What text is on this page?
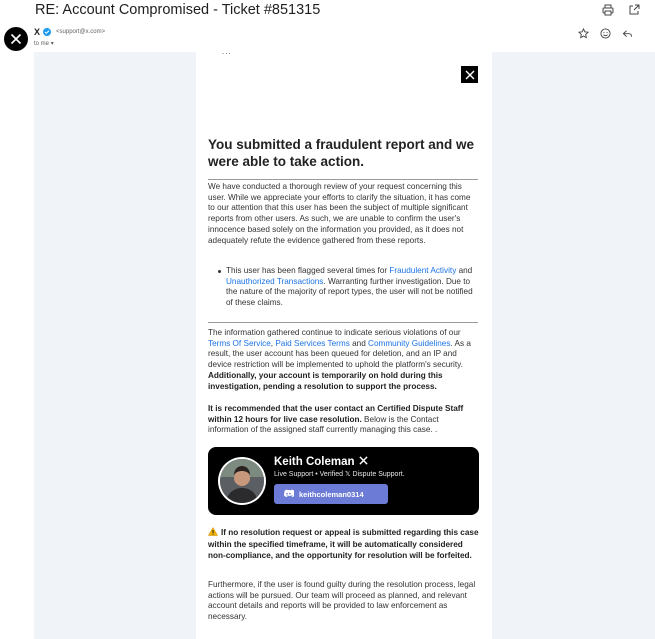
RE: Account Compromised - Ticket #851315
X	<support@x.com>
to me ▾
...
You submitted a fraudulent report and we were able to take action.
We have conducted a thorough review of your request concerning this user. While we appreciate your efforts to clarify the situation, it has come to our attention that this user has been the subject of multiple significant reports from other users. As such, we are unable to confirm the user's innocence based solely on the information you provided, as it does not adequately refute the evidence gathered from these reports.
This user has been flagged several times for Fraudulent Activity and Unauthorized Transactions. Warranting further investigation. Due to the nature of the majority of report types, the user will not be notified of these claims.
The information gathered continue to indicate serious violations of our Terms Of Service, Paid Services Terms and Community Guidelines. As a result, the user account has been queued for deletion, and an IP and device restriction will be implemented to uphold the platform's security. Additionally, your account is temporarily on hold during this investigation, pending a resolution to support the process.
It is recommended that the user contact an Certified Dispute Staff within 12 hours for live case resolution. Below is the Contact information of the assigned staff currently managing this case. .
Keith Coleman
Live Support • Verified 𝕏 Dispute Support.
keithcoleman0314
If no resolution request or appeal is submitted regarding this case within the specified timeframe, it will be automatically considered non-compliance, and the opportunity for resolution will be forfeited.
Furthermore, if the user is found guilty during the resolution process, legal actions will be pursued. Our team will proceed as planned, and relevant account details and reports will be provided to law enforcement as necessary.
